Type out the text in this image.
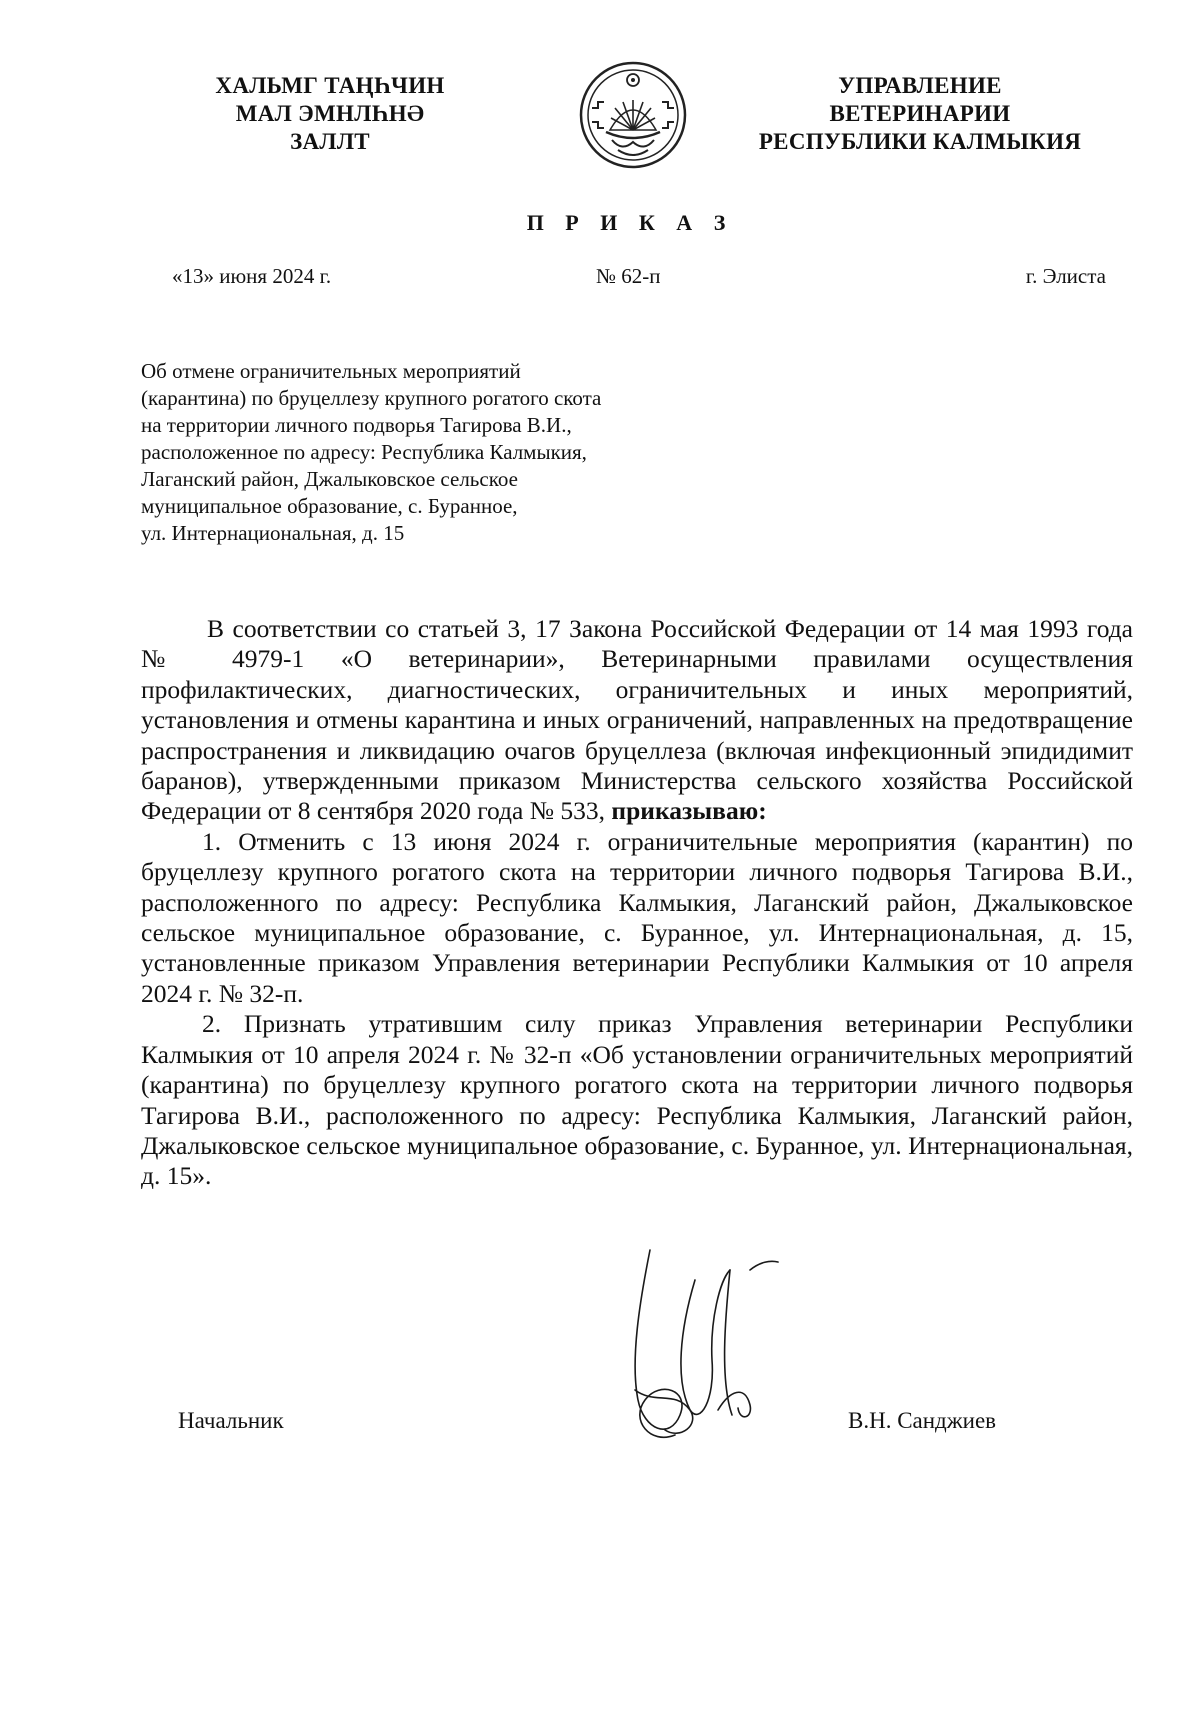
ХАЛЬМГ ТАҢҺЧИН
МАЛ ЭМНЛҺНӘ
ЗАЛЛТ
УПРАВЛЕНИЕ
ВЕТЕРИНАРИИ
РЕСПУБЛИКИ КАЛМЫКИЯ
П Р И К А З
«13» июня 2024 г.	№ 62-п	г. Элиста
Об отмене ограничительных мероприятий
(карантина) по бруцеллезу крупного рогатого скота
на территории личного подворья Тагирова В.И.,
расположенное по адресу: Республика Калмыкия,
Лаганский район, Джалыковское сельское
муниципальное образование, с. Буранное,
ул. Интернациональная, д. 15

В соответствии со статьей 3, 17 Закона Российской Федерации от 14 мая 1993 года № 4979-1 «О ветеринарии», Ветеринарными правилами осуществления профилактических, диагностических, ограничительных и иных мероприятий, установления и отмены карантина и иных ограничений, направленных на предотвращение распространения и ликвидацию очагов бруцеллеза (включая инфекционный эпидидимит баранов), утвержденными приказом Министерства сельского хозяйства Российской Федерации от 8 сентября 2020 года № 533, приказываю:

1. Отменить с 13 июня 2024 г. ограничительные мероприятия (карантин) по бруцеллезу крупного рогатого скота на территории личного подворья Тагирова В.И., расположенного по адресу: Республика Калмыкия, Лаганский район, Джалыковское сельское муниципальное образование, с. Буранное, ул. Интернациональная, д. 15, установленные приказом Управления ветеринарии Республики Калмыкия от 10 апреля 2024 г. № 32-п.

2. Признать утратившим силу приказ Управления ветеринарии Республики Калмыкия от 10 апреля 2024 г. № 32-п «Об установлении ограничительных мероприятий (карантина) по бруцеллезу крупного рогатого скота на территории личного подворья Тагирова В.И., расположенного по адресу: Республика Калмыкия, Лаганский район, Джалыковское сельское муниципальное образование, с. Буранное, ул. Интернациональная, д. 15».

Начальник	В.Н. Санджиев
